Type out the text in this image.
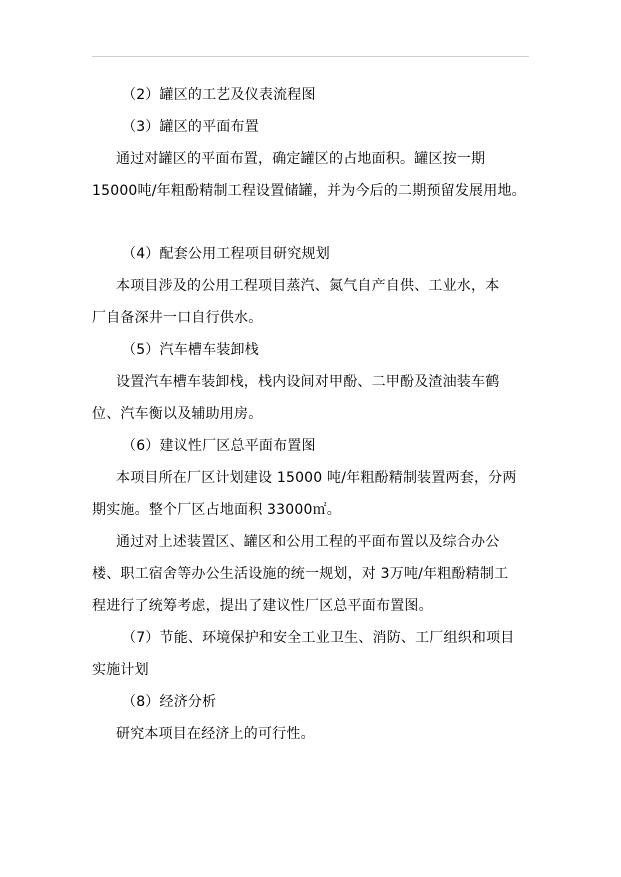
（2）罐区的工艺及仪表流程图

（3）罐区的平面布置

通过对罐区的平面布置，确定罐区的占地面积。罐区按一期

15000吨/年粗酚精制工程设置储罐，并为今后的二期预留发展用地。

（4）配套公用工程项目研究规划

本项目涉及的公用工程项目蒸汽、氮气自产自供、工业水，本

厂自备深井一口自行供水。

（5）汽车槽车装卸栈

设置汽车槽车装卸栈，栈内设间对甲酚、二甲酚及渣油装车鹤

位、汽车衡以及辅助用房。

（6）建议性厂区总平面布置图

本项目所在厂区计划建设 15000 吨/年粗酚精制装置两套，分两

期实施。整个厂区占地面积 33000㎡。

通过对上述装置区、罐区和公用工程的平面布置以及综合办公

楼、职工宿舍等办公生活设施的统一规划，对 3万吨/年粗酚精制工

程进行了统筹考虑，提出了建议性厂区总平面布置图。

（7）节能、环境保护和安全工业卫生、消防、工厂组织和项目

实施计划

（8）经济分析

研究本项目在经济上的可行性。
